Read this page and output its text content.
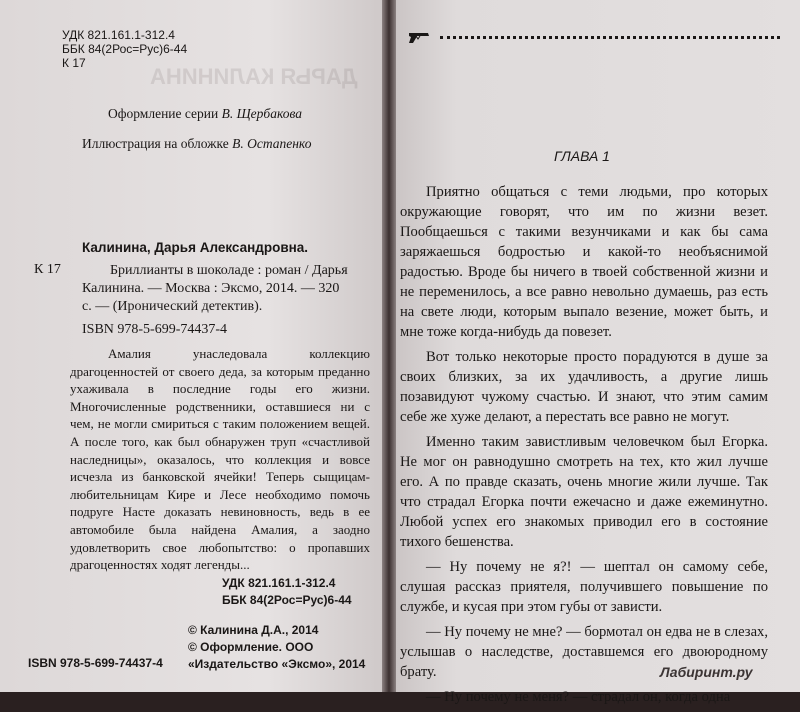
ДАРЬЯ КАЛИНИНА
УДК 821.161.1-312.4
ББК 84(2Рос=Рус)6-44
К 17
Оформление серии В. Щербакова
Иллюстрация на обложке В. Остапенко
Калинина, Дарья Александровна.
К 17	Бриллианты в шоколаде : роман / Дарья Калинина. — Москва : Эксмо, 2014. — 320 с. — (Иронический детектив).

ISBN 978-5-699-74437-4

Амалия унаследовала коллекцию драгоценностей от своего деда, за которым преданно ухаживала в последние годы его жизни. Многочисленные родственники, оставшиеся ни с чем, не могли смириться с таким положением вещей. А после того, как был обнаружен труп «счастливой наследницы», оказалось, что коллекция и вовсе исчезла из банковской ячейки! Теперь сыщицам-любительницам Кире и Лесе необходимо помочь подруге Насте доказать невиновность, ведь в ее автомобиле была найдена Амалия, а заодно удовлетворить свое любопытство: о пропавших драгоценностях ходят легенды...

УДК 821.161.1-312.4
ББК 84(2Рос=Рус)6-44
© Калинина Д.А., 2014
© Оформление. ООО
«Издательство «Эксмо», 2014
ISBN 978-5-699-74437-4
ГЛАВА 1

Приятно общаться с теми людьми, про которых окружающие говорят, что им по жизни везет. Пообщаешься с такими везунчиками и как бы сама заряжаешься бодростью и какой-то необъяснимой радостью. Вроде бы ничего в твоей собственной жизни и не переменилось, а все равно невольно думаешь, раз есть на свете люди, которым выпало везение, может быть, и мне тоже когда-нибудь да повезет.

Вот только некоторые просто порадуются в душе за своих близких, за их удачливость, а другие лишь позавидуют чужому счастью. И знают, что этим самим себе же хуже делают, а перестать все равно не могут.

Именно таким завистливым человечком был Егорка. Не мог он равнодушно смотреть на тех, кто жил лучше его. А по правде сказать, очень многие жили лучше. Так что страдал Егорка почти ежечасно и даже ежеминутно. Любой успех его знакомых приводил его в состояние тихого бешенства.

— Ну почему не я?! — шептал он самому себе, слушая рассказ приятеля, получившего повышение по службе, и кусая при этом губы от зависти.

— Ну почему не мне? — бормотал он едва не в слезах, услышав о наследстве, доставшемся его двоюродному брату.

— Ну почему не меня? — страдал он, когда одна

Лабиринт.ру
